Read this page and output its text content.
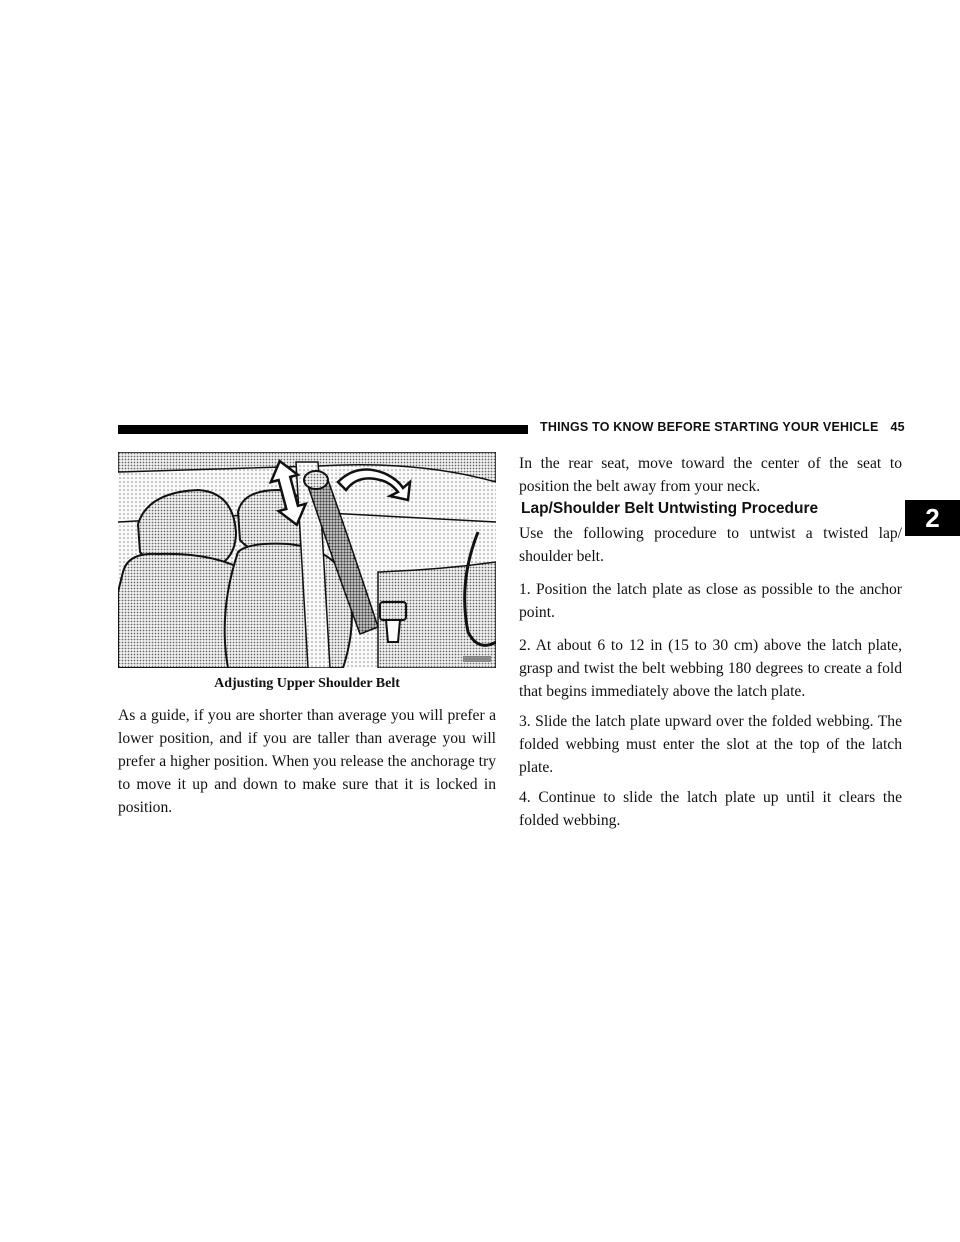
THINGS TO KNOW BEFORE STARTING YOUR VEHICLE 45
2
Adjusting Upper Shoulder Belt

As a guide, if you are shorter than average you will prefer a lower position, and if you are taller than average you will prefer a higher position. When you release the anchorage try to move it up and down to make sure that it is locked in position.

In the rear seat, move toward the center of the seat to position the belt away from your neck.

Lap/Shoulder Belt Untwisting Procedure

Use the following procedure to untwist a twisted lap/ shoulder belt.

1. Position the latch plate as close as possible to the anchor point.

2. At about 6 to 12 in (15 to 30 cm) above the latch plate, grasp and twist the belt webbing 180 degrees to create a fold that begins immediately above the latch plate.

3. Slide the latch plate upward over the folded webbing. The folded webbing must enter the slot at the top of the latch plate.

4. Continue to slide the latch plate up until it clears the folded webbing.
